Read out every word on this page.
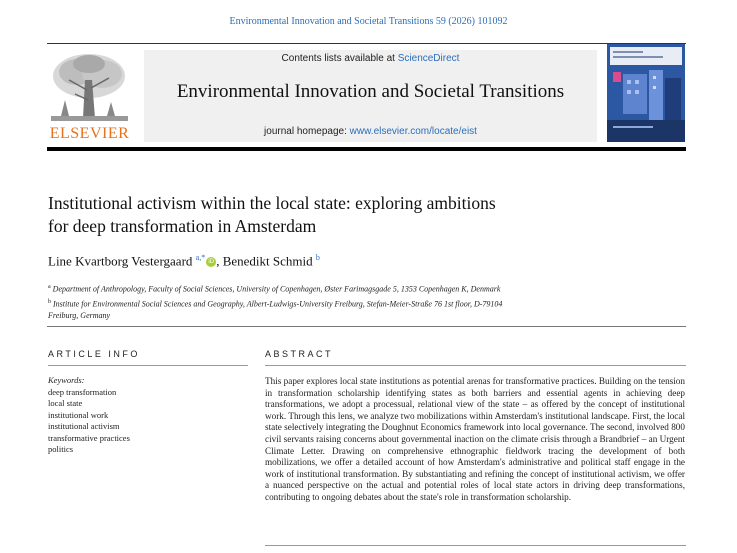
Environmental Innovation and Societal Transitions 59 (2026) 101092
ELSEVIER
Contents lists available at ScienceDirect
Environmental Innovation and Societal Transitions
journal homepage: www.elsevier.com/locate/eist
Institutional activism within the local state: exploring ambitions
for deep transformation in Amsterdam
Line Kvartborg Vestergaard $^{a,*}$iD , Benedikt Schmid $^b$
$^a$ Department of Anthropology, Faculty of Social Sciences, University of Copenhagen, Øster Farimagsgade 5, 1353 Copenhagen K, Denmark
$^b$ Institute for Environmental Social Sciences and Geography, Albert-Ludwigs-University Freiburg, Stefan-Meier-Straße 76 1st floor, D-79104
Freiburg, Germany
ARTICLE INFO	ABSTRACT
Keywords:
deep transformation
local state
institutional work
institutional activism
transformative practices
politics
This paper explores local state institutions as potential arenas for transformative practices. Building on the tension in transformation scholarship identifying states as both barriers and essential agents in achieving deep transformations, we adopt a processual, relational view of the state – as offered by the concept of institutional work. Through this lens, we analyze two mobilizations within Amsterdam's institutional landscape. First, the local state selectively integrating the Doughnut Economics framework into local governance. The second, involved 800 civil servants raising concerns about governmental inaction on the climate crisis through a Brandbrief – an Urgent Climate Letter. Drawing on comprehensive ethnographic fieldwork tracing the development of both mobilizations, we offer a detailed account of how Amsterdam's administrative and political staff engage in the work of institutional transformation. By substantiating and refining the concept of institutional activism, we offer a nuanced perspective on the actual and potential roles of local state actors in driving deep transformations, contributing to ongoing debates about the state's role in transformation scholarship.
